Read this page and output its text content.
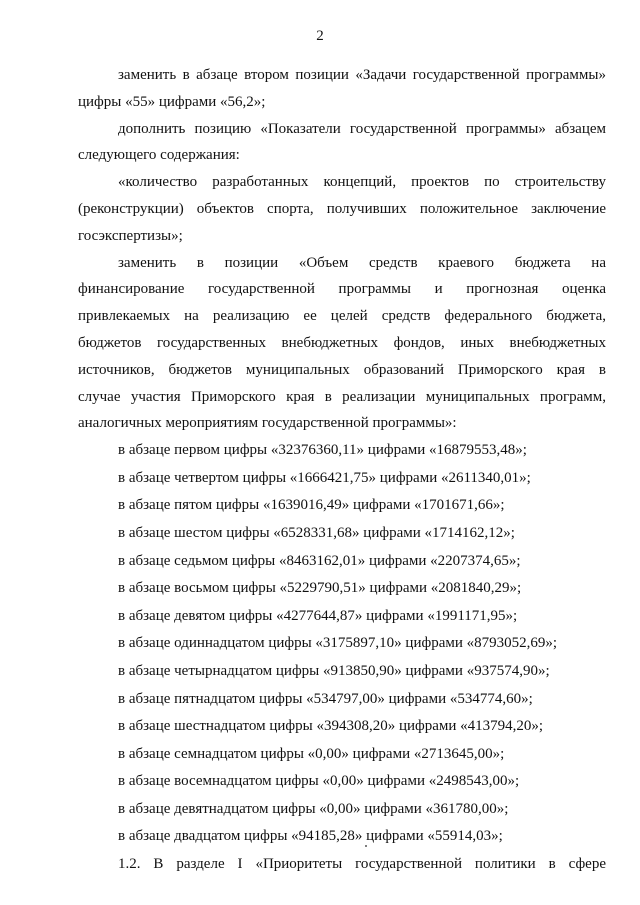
2
заменить в абзаце втором позиции «Задачи государственной программы»
цифры «55» цифрами «56,2»;
дополнить позицию «Показатели государственной программы» абзацем
следующего содержания:
«количество разработанных концепций, проектов по строительству
(реконструкции) объектов спорта, получивших положительное заключение
госэкспертизы»;
заменить в позиции «Объем средств краевого бюджета на
финансирование государственной программы и прогнозная оценка
привлекаемых на реализацию ее целей средств федерального бюджета,
бюджетов государственных внебюджетных фондов, иных внебюджетных
источников, бюджетов муниципальных образований Приморского края в
случае участия Приморского края в реализации муниципальных программ,
аналогичных мероприятиям государственной программы»:
в абзаце первом цифры «32376360,11» цифрами «16879553,48»;
в абзаце четвертом цифры «1666421,75» цифрами «2611340,01»;
в абзаце пятом цифры «1639016,49» цифрами «1701671,66»;
в абзаце шестом цифры «6528331,68» цифрами «1714162,12»;
в абзаце седьмом цифры «8463162,01» цифрами «2207374,65»;
в абзаце восьмом цифры «5229790,51» цифрами «2081840,29»;
в абзаце девятом цифры «4277644,87» цифрами «1991171,95»;
в абзаце одиннадцатом цифры «3175897,10» цифрами «8793052,69»;
в абзаце четырнадцатом цифры «913850,90» цифрами «937574,90»;
в абзаце пятнадцатом цифры «534797,00» цифрами «534774,60»;
в абзаце шестнадцатом цифры «394308,20» цифрами «413794,20»;
в абзаце семнадцатом цифры «0,00» цифрами «2713645,00»;
в абзаце восемнадцатом цифры «0,00» цифрами «2498543,00»;
в абзаце девятнадцатом цифры «0,00» цифрами «361780,00»;
в абзаце двадцатом цифры «94185,28» цифрами «55914,03»;
1.2. В разделе I «Приоритеты государственной политики в сфере
